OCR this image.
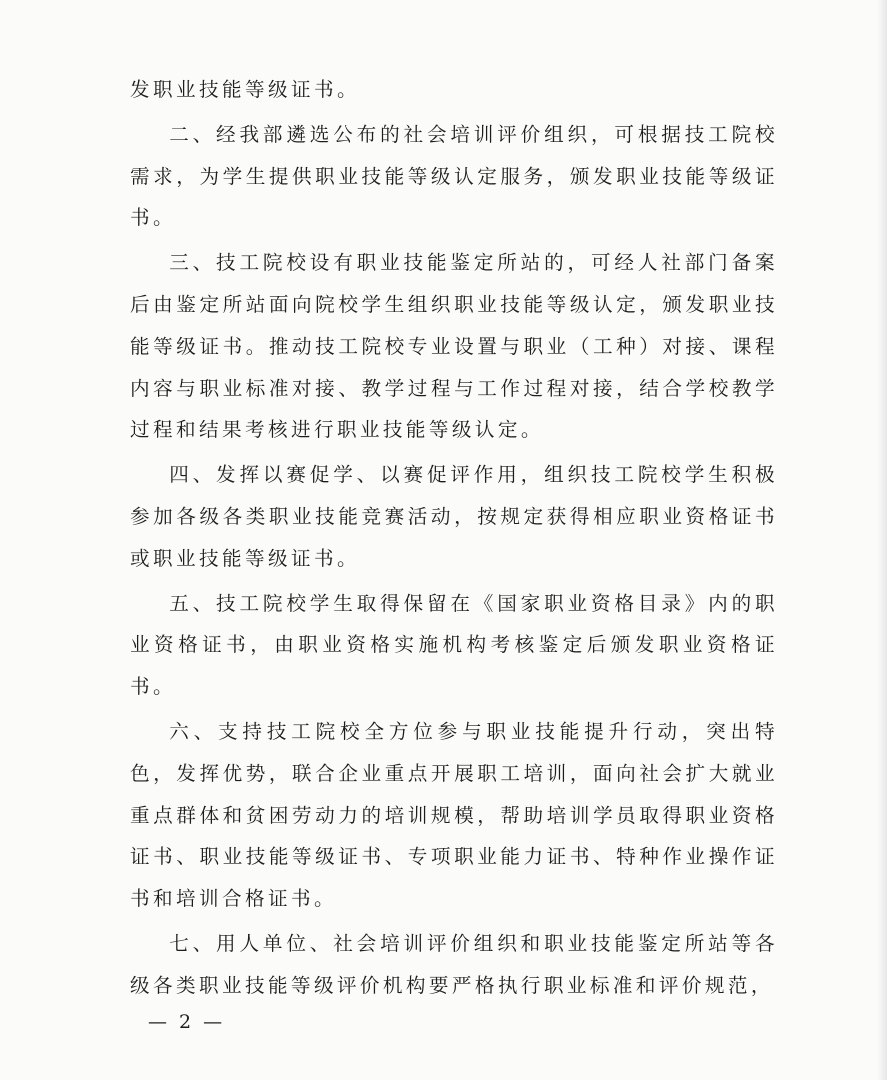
发职业技能等级证书。

二、经我部遴选公布的社会培训评价组织，可根据技工院校需求，为学生提供职业技能等级认定服务，颁发职业技能等级证书。

三、技工院校设有职业技能鉴定所站的，可经人社部门备案后由鉴定所站面向院校学生组织职业技能等级认定，颁发职业技能等级证书。推动技工院校专业设置与职业（工种）对接、课程内容与职业标准对接、教学过程与工作过程对接，结合学校教学过程和结果考核进行职业技能等级认定。

四、发挥以赛促学、以赛促评作用，组织技工院校学生积极参加各级各类职业技能竞赛活动，按规定获得相应职业资格证书或职业技能等级证书。

五、技工院校学生取得保留在《国家职业资格目录》内的职业资格证书，由职业资格实施机构考核鉴定后颁发职业资格证书。

六、支持技工院校全方位参与职业技能提升行动，突出特色，发挥优势，联合企业重点开展职工培训，面向社会扩大就业重点群体和贫困劳动力的培训规模，帮助培训学员取得职业资格证书、职业技能等级证书、专项职业能力证书、特种作业操作证书和培训合格证书。

七、用人单位、社会培训评价组织和职业技能鉴定所站等各级各类职业技能等级评价机构要严格执行职业标准和评价规范，

— 2 —
